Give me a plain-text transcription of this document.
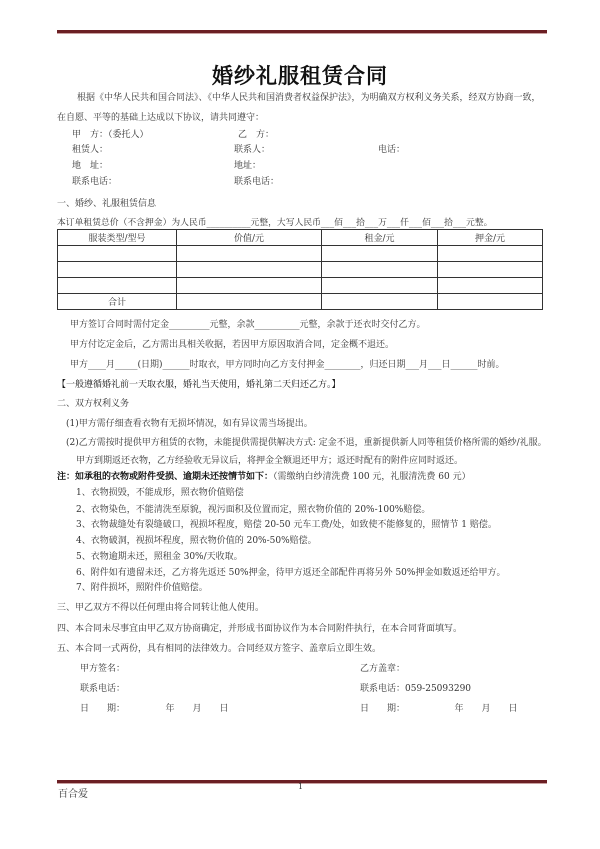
婚纱礼服租赁合同
根据《中华人民共和国合同法》、《中华人民共和国消费者权益保护法》，为明确双方权利义务关系，经双方协商一致，
在自愿、平等的基础上达成以下协议，请共同遵守：
甲　方：（委托人）	乙　方：
租赁人：	联系人：	电话：
地　址：	地址：
联系电话：	联系电话：
一、婚纱、礼服租赁信息
本订单租赁总价（不含押金）为人民币__________元整，大写人民币___佰___拾___万___仟___佰___拾___元整。
服装类型/型号	价值/元	租金/元	押金/元

合计			
甲方签订合同时需付定金_________元整，余款__________元整，余款于还衣时交付乙方。
甲方付讫定金后，乙方需出具相关收据，若因甲方原因取消合同，定金概不退还。
甲方____月_____(日期)______时取衣，甲方同时向乙方支付押金________，归还日期___月___日______时前。
【一般遵循婚礼前一天取衣服，婚礼当天使用，婚礼第二天归还乙方。】
二、双方权利义务
(1)甲方需仔细查看衣物有无损坏情况，如有异议需当场提出。
(2)乙方需按时提供甲方租赁的衣物，未能提供需提供解决方式: 定金不退，重新提供新人同等租赁价格所需的婚纱/礼服。
甲方到期返还衣物，乙方经验收无异议后，将押金全额退还甲方；返还时配有的附件应同时返还。
注：如承租的衣物或附件受损、逾期未还按情节如下：（需缴纳白纱清洗费 100 元，礼服清洗费 60 元）
1、衣物损毁，不能成形，照衣物价值赔偿
2、衣物染色，不能清洗至原貌，视污面积及位置而定，照衣物价值的 20%-100%赔偿。
3、衣物裁缝处有裂缝破口，视损坏程度，赔偿 20-50 元车工费/处，如致使不能修复的，照情节 1 赔偿。
4、衣物破洞，视损坏程度，照衣物价值的 20%-50%赔偿。
5、衣物逾期未还，照租金 30%/天收取。
6、附件如有遗留未还，乙方将先返还 50%押金，待甲方返还全部配件再将另外 50%押金如数返还给甲方。
7、附件损坏，照附件价值赔偿。
三、甲乙双方不得以任何理由将合同转让他人使用。
四、本合同未尽事宜由甲乙双方协商确定，并形成书面协议作为本合同附件执行，在本合同背面填写。
五、本合同一式两份，具有相同的法律效力。合同经双方签字、盖章后立即生效。
甲方签名：
联系电话：
日　　期：　　　　　年　　月　　日
乙方盖章：
联系电话：059-25093290
日　　期：　　　　　　年　　月　　日
1
百合爱
